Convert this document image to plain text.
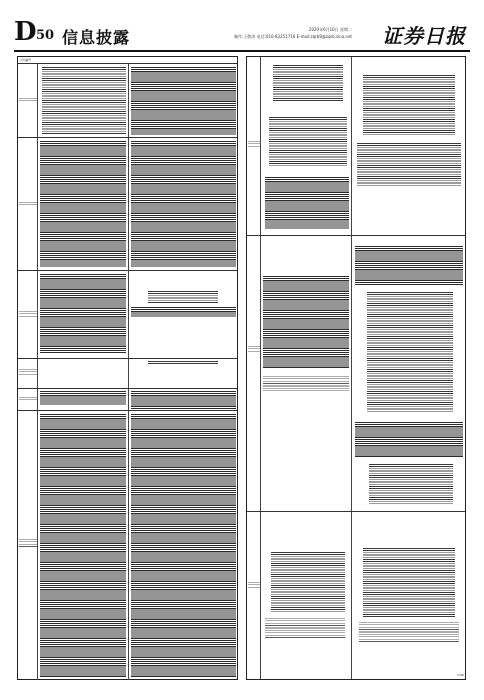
D 50 信息披露	2020年6月16日 星期二
制作:王敬涛 电话:010-83251716 E-mail:zqrb9@zqrb.sina.net 证券日报
公告编号
CYMK
